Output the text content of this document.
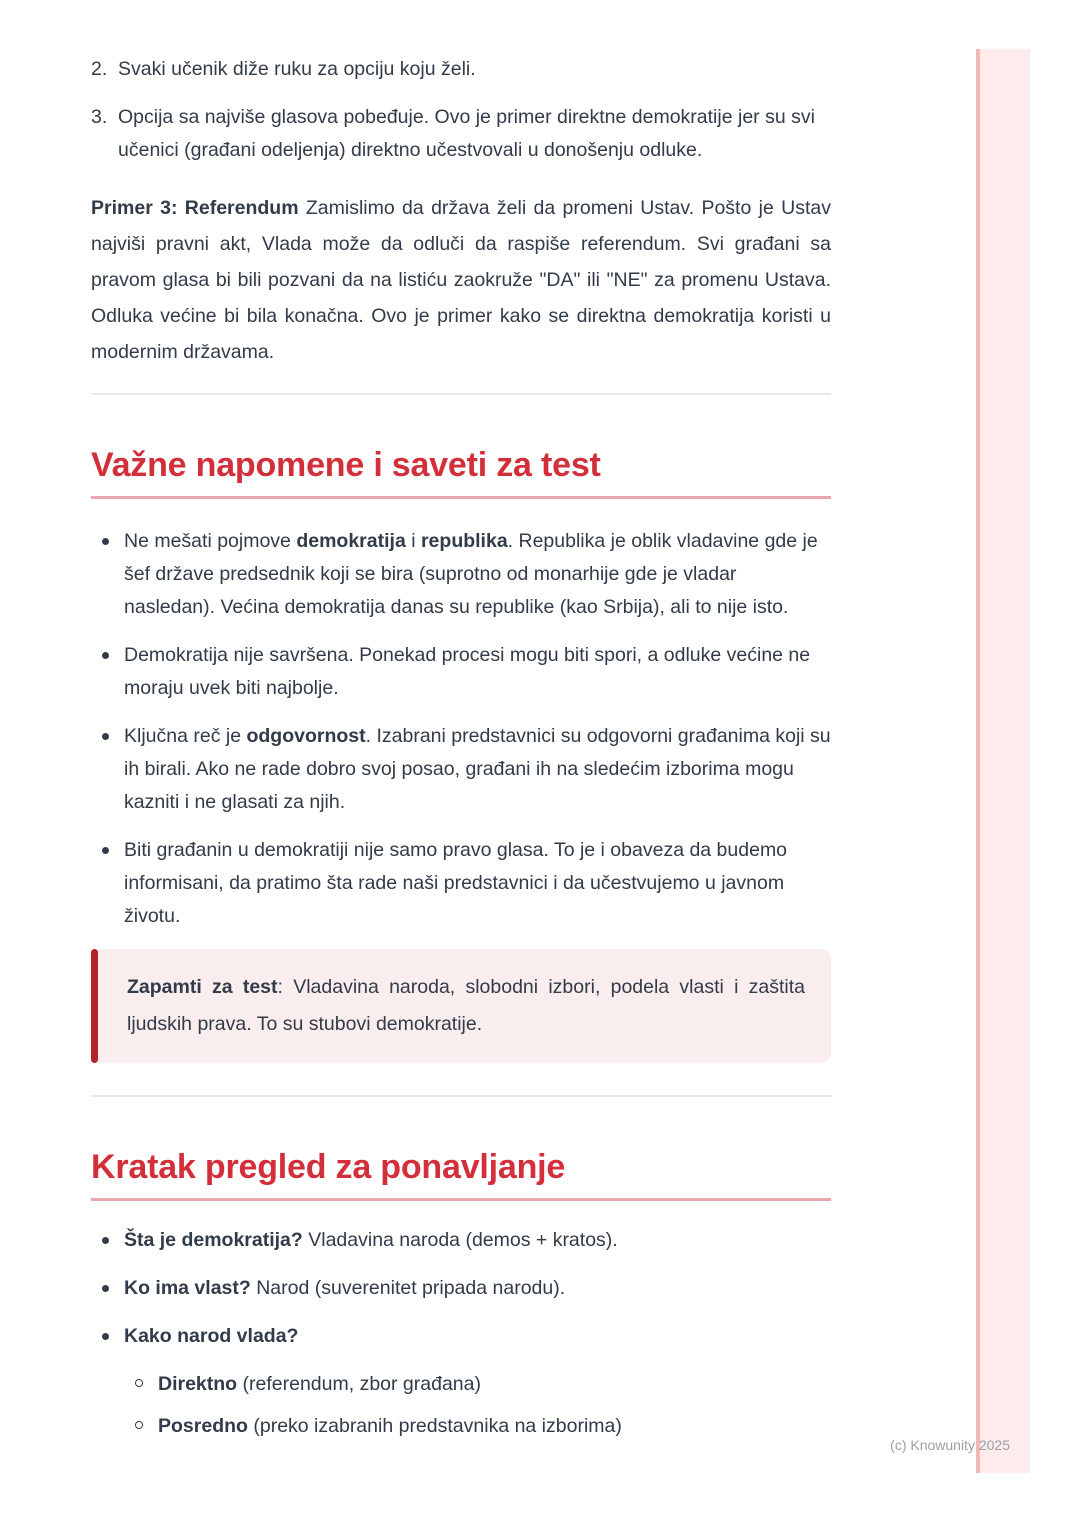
2. Svaki učenik diže ruku za opciju koju želi.
3. Opcija sa najviše glasova pobeđuje. Ovo je primer direktne demokratije jer su svi učenici (građani odeljenja) direktno učestvovali u donošenju odluke.

Primer 3: Referendum Zamislimo da država želi da promeni Ustav. Pošto je Ustav najviši pravni akt, Vlada može da odluči da raspiše referendum. Svi građani sa pravom glasa bi bili pozvani da na listiću zaokruže "DA" ili "NE" za promenu Ustava. Odluka većine bi bila konačna. Ovo je primer kako se direktna demokratija koristi u modernim državama.

Važne napomene i saveti za test
Ne mešati pojmove demokratija i republika. Republika je oblik vladavine gde je šef države predsednik koji se bira (suprotno od monarhije gde je vladar nasledan). Većina demokratija danas su republike (kao Srbija), ali to nije isto.
Demokratija nije savršena. Ponekad procesi mogu biti spori, a odluke većine ne moraju uvek biti najbolje.
Ključna reč je odgovornost. Izabrani predstavnici su odgovorni građanima koji su ih birali. Ako ne rade dobro svoj posao, građani ih na sledećim izborima mogu kazniti i ne glasati za njih.
Biti građanin u demokratiji nije samo pravo glasa. To je i obaveza da budemo informisani, da pratimo šta rade naši predstavnici i da učestvujemo u javnom životu.

Zapamti za test: Vladavina naroda, slobodni izbori, podela vlasti i zaštita ljudskih prava. To su stubovi demokratije.

Kratak pregled za ponavljanje
Šta je demokratija? Vladavina naroda (demos + kratos).
Ko ima vlast? Narod (suverenitet pripada narodu).
Kako narod vlada?
Direktno (referendum, zbor građana)
Posredno (preko izabranih predstavnika na izborima)
(c) Knowunity 2025
